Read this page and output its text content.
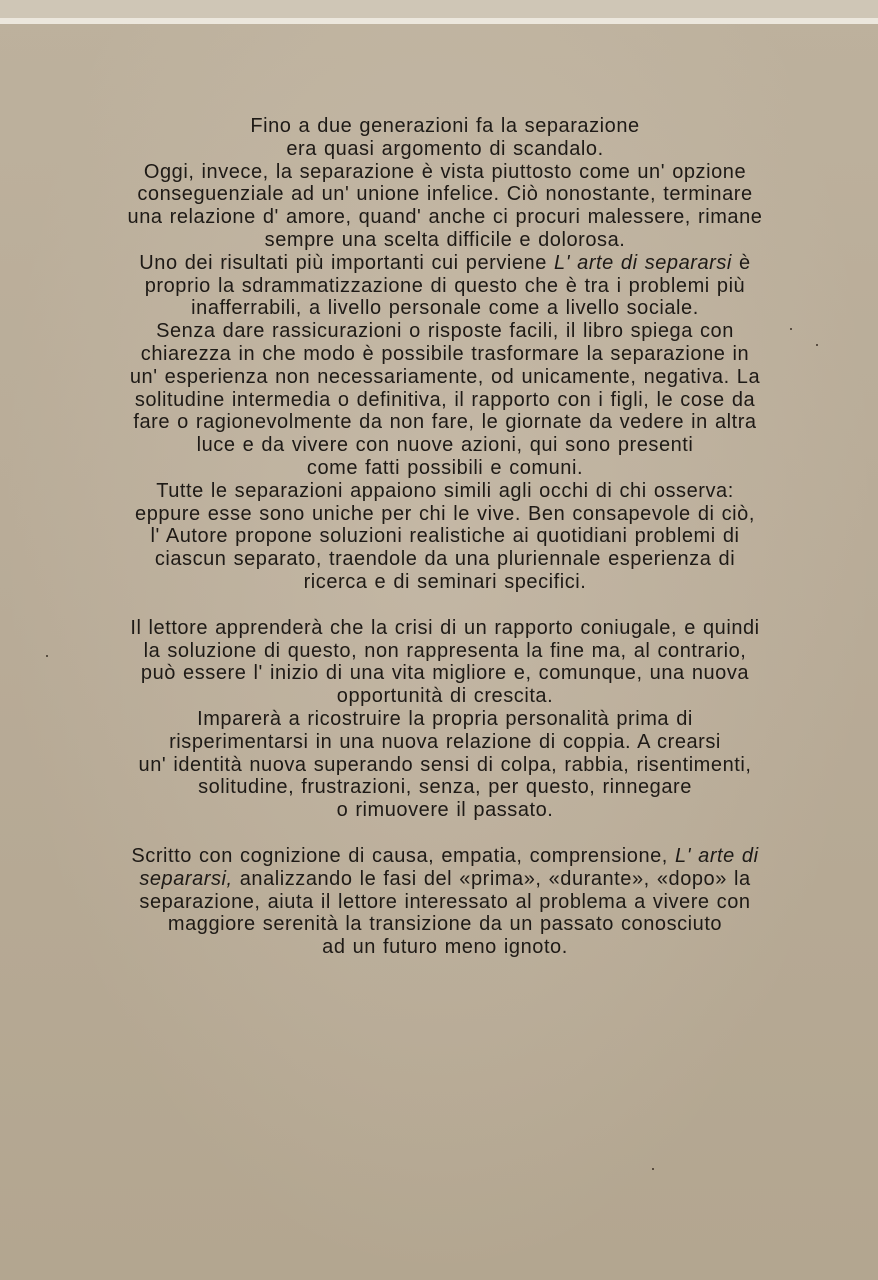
Fino a due generazioni fa la separazione
era quasi argomento di scandalo.
Oggi, invece, la separazione è vista piuttosto come un' opzione
conseguenziale ad un' unione infelice. Ciò nonostante, terminare
una relazione d' amore, quand' anche ci procuri malessere, rimane
sempre una scelta difficile e dolorosa.
Uno dei risultati più importanti cui perviene L' arte di separarsi è
proprio la sdrammatizzazione di questo che è tra i problemi più
inafferrabili, a livello personale come a livello sociale.
Senza dare rassicurazioni o risposte facili, il libro spiega con
chiarezza in che modo è possibile trasformare la separazione in
un' esperienza non necessariamente, od unicamente, negativa. La
solitudine intermedia o definitiva, il rapporto con i figli, le cose da
fare o ragionevolmente da non fare, le giornate da vedere in altra
luce e da vivere con nuove azioni, qui sono presenti
come fatti possibili e comuni.
Tutte le separazioni appaiono simili agli occhi di chi osserva:
eppure esse sono uniche per chi le vive. Ben consapevole di ciò,
l' Autore propone soluzioni realistiche ai quotidiani problemi di
ciascun separato, traendole da una pluriennale esperienza di
ricerca e di seminari specifici.
Il lettore apprenderà che la crisi di un rapporto coniugale, e quindi
la soluzione di questo, non rappresenta la fine ma, al contrario,
può essere l' inizio di una vita migliore e, comunque, una nuova
opportunità di crescita.
Imparerà a ricostruire la propria personalità prima di
risperimentarsi in una nuova relazione di coppia. A crearsi
un' identità nuova superando sensi di colpa, rabbia, risentimenti,
solitudine, frustrazioni, senza, per questo, rinnegare
o rimuovere il passato.
Scritto con cognizione di causa, empatia, comprensione, L' arte di
separarsi, analizzando le fasi del «prima», «durante», «dopo» la
separazione, aiuta il lettore interessato al problema a vivere con
maggiore serenità la transizione da un passato conosciuto
ad un futuro meno ignoto.
